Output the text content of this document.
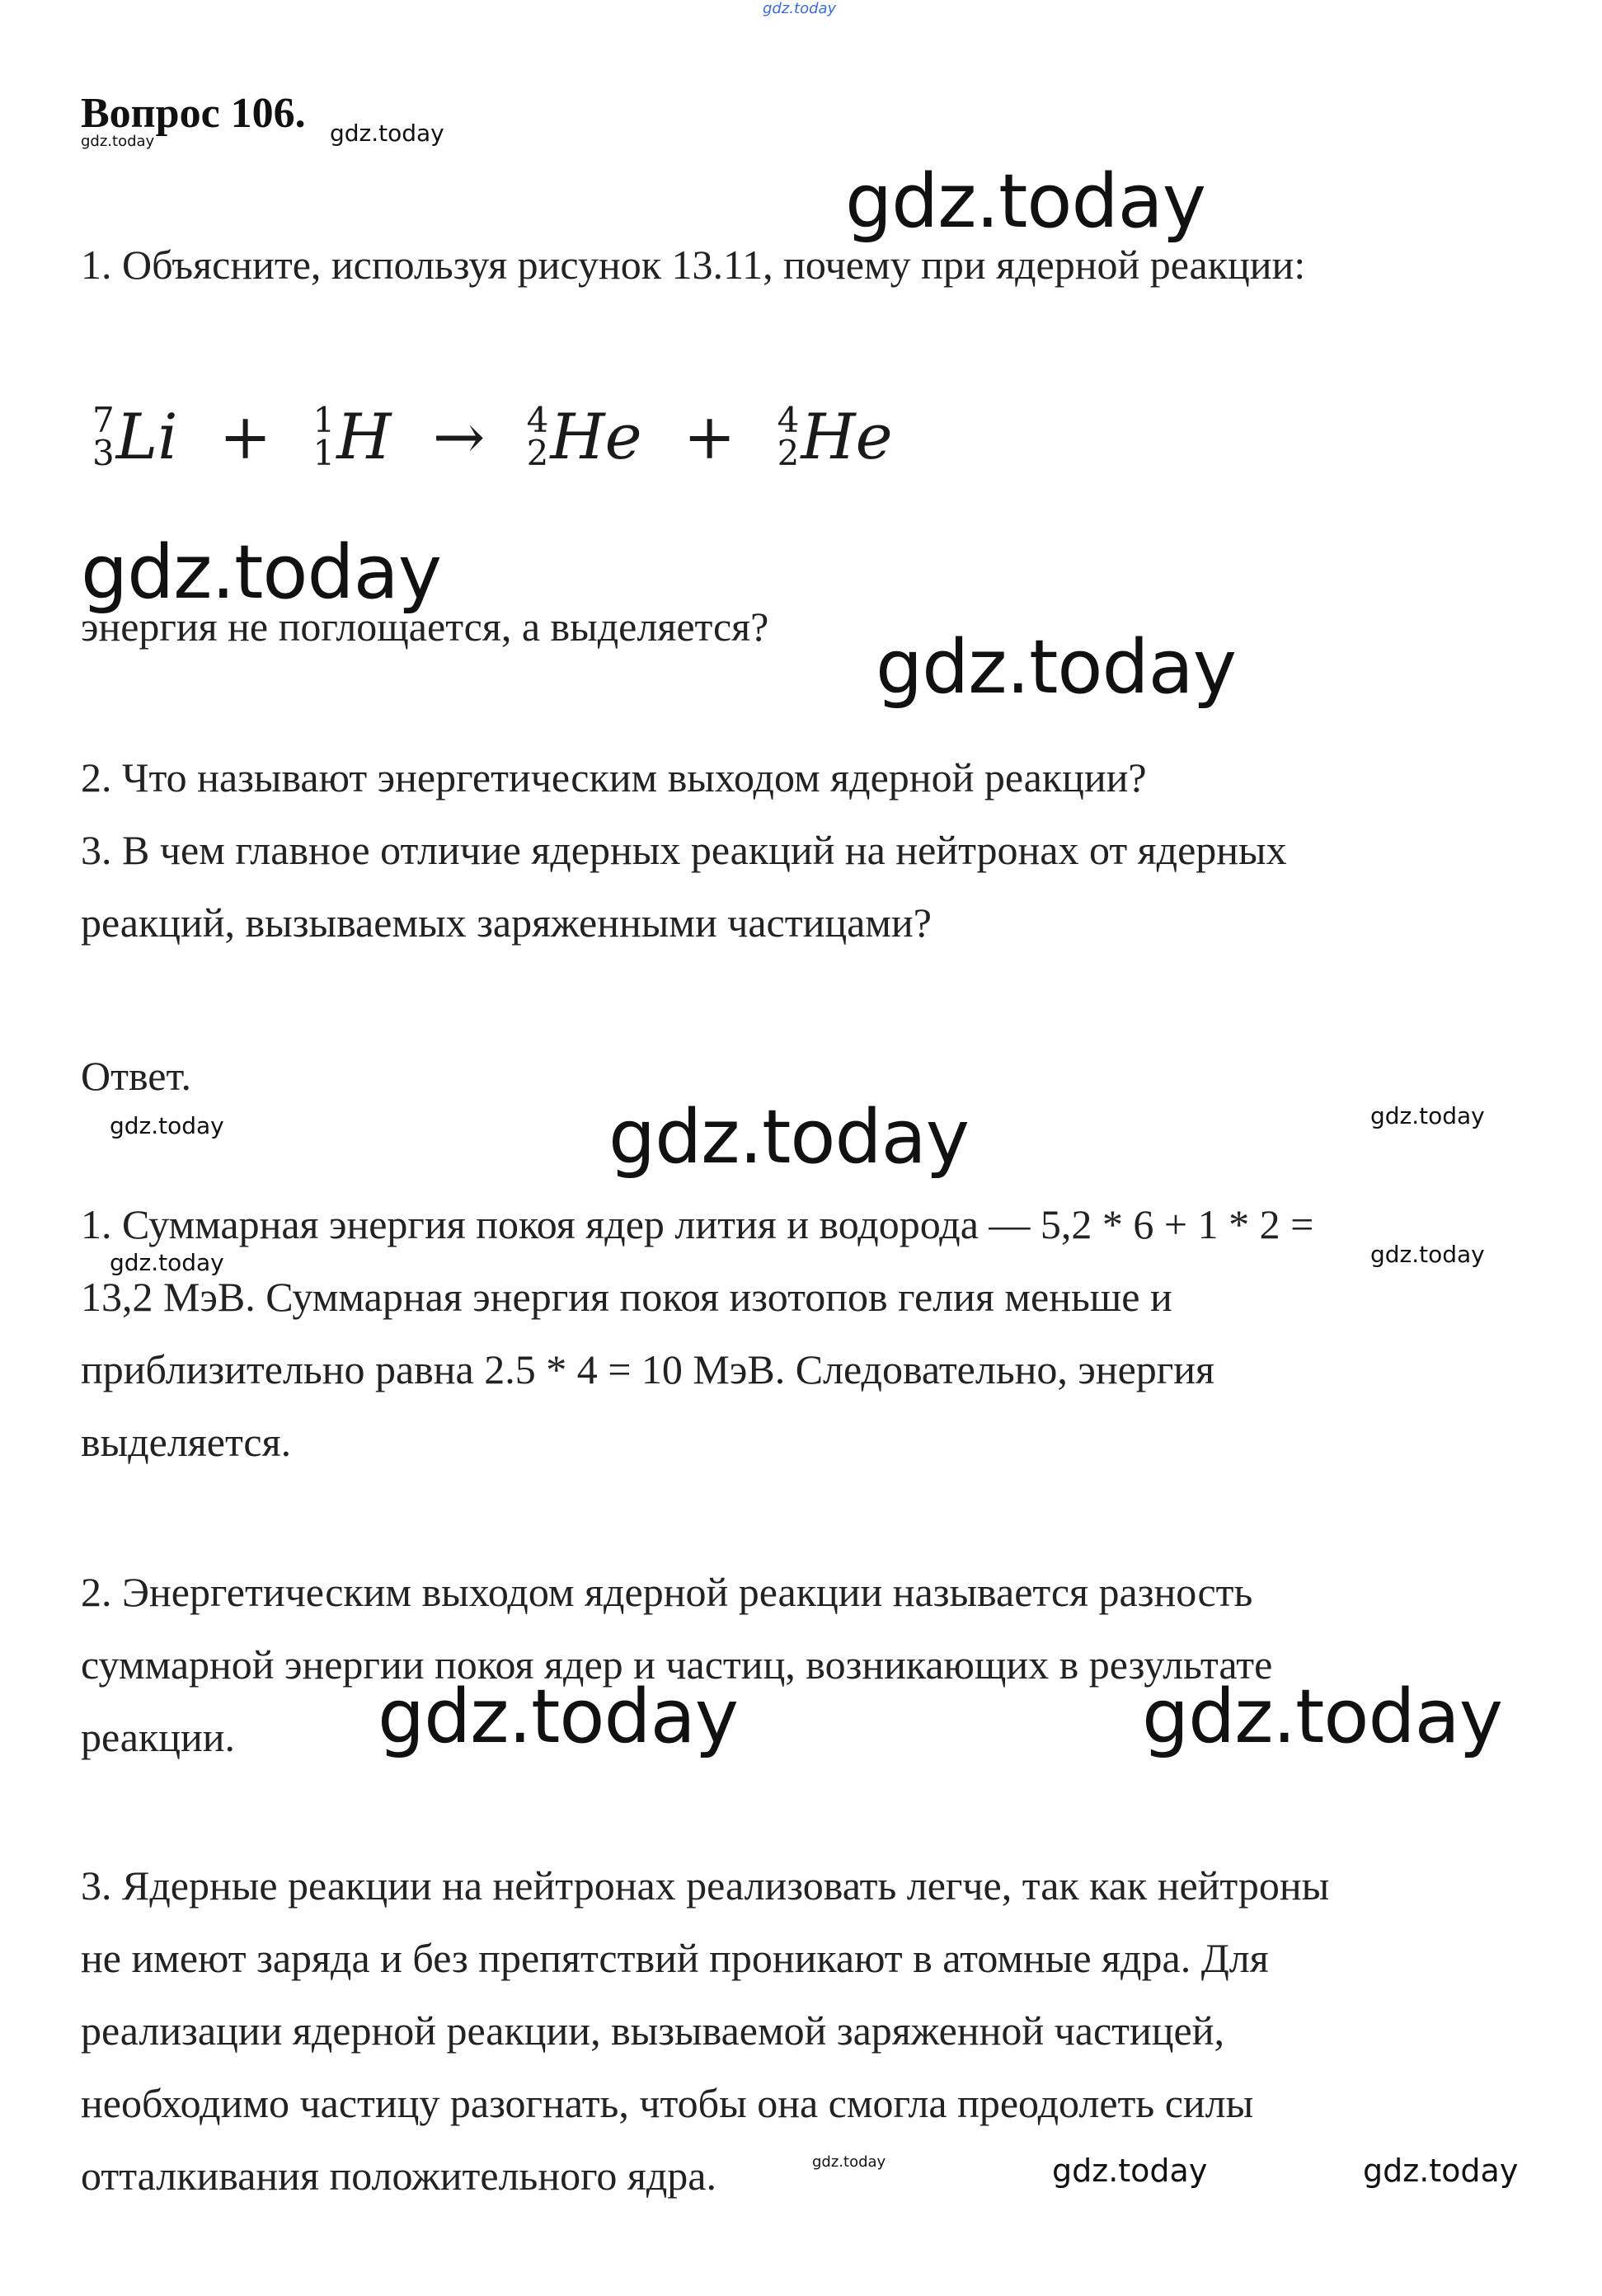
gdz.today
Вопрос 106.
gdz.today	gdz.today
gdz.today
1. Объясните, используя рисунок 13.11, почему при ядерной реакции:
7
3 Li + 1
1 H → 4
2 He + 4
2 He
gdz.today
энергия не поглощается, а выделяется? gdz.today
2. Что называют энергетическим выходом ядерной реакции?
3. В чем главное отличие ядерных реакций на нейтронах от ядерных
реакций, вызываемых заряженными частицами?
Ответ.
gdz.today	gdz.today	gdz.today
1. Суммарная энергия покоя ядер лития и водорода — 5,2 * 6 + 1 * 2 =
gdz.today	gdz.today
13,2 МэВ. Суммарная энергия покоя изотопов гелия меньше и
приблизительно равна 2.5 * 4 = 10 МэВ. Следовательно, энергия
выделяется.
2. Энергетическим выходом ядерной реакции называется разность
суммарной энергии покоя ядер и частиц, возникающих в результате
реакции. gdz.today	gdz.today
3. Ядерные реакции на нейтронах реализовать легче, так как нейтроны
не имеют заряда и без препятствий проникают в атомные ядра. Для
реализации ядерной реакции, вызываемой заряженной частицей,
необходимо частицу разогнать, чтобы она смогла преодолеть силы
отталкивания положительного ядра.	gdz.today	gdz.today	gdz.today
